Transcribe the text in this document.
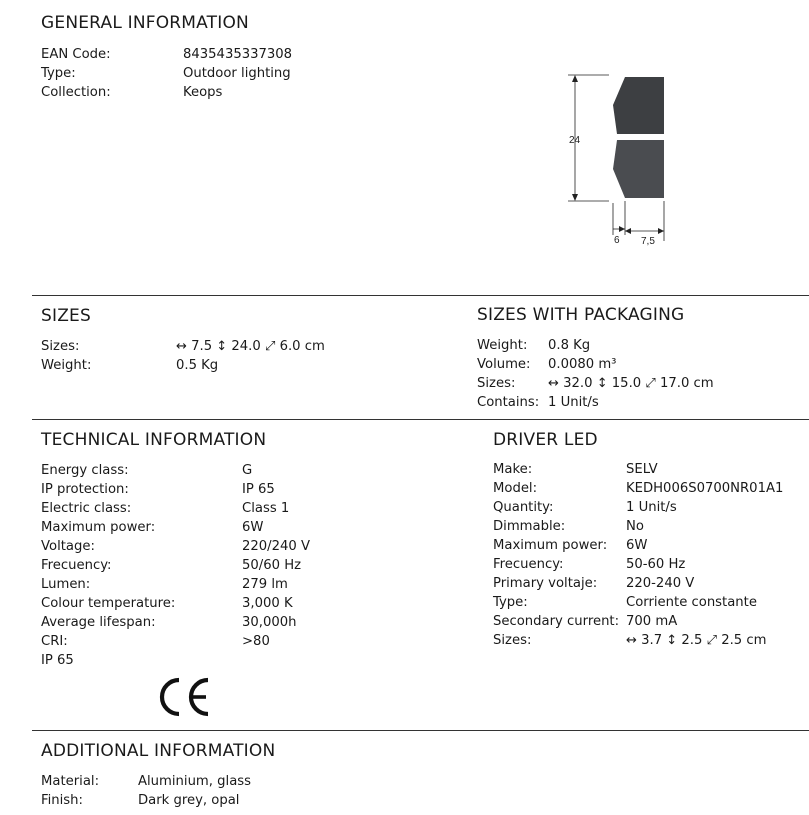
GENERAL INFORMATION
EAN Code:	8435435337308
Type:	Outdoor lighting
Collection:	Keops
24
6 7,5
SIZES
Sizes:	↔ 7.5 ↕ 24.0 ⤢ 6.0 cm
Weight:	0.5 Kg
SIZES WITH PACKAGING
Weight: 0.8 Kg
Volume: 0.0080 m³
Sizes:	↔ 32.0 ↕ 15.0 ⤢ 17.0 cm
Contains: 1 Unit/s
TECHNICAL INFORMATION
Energy class:	G
IP protection:	IP 65
Electric class:	Class 1
Maximum power:	6W
Voltage:	220/240 V
Frecuency:	50/60 Hz
Lumen:	279 lm
Colour temperature:	3,000 K
Average lifespan:	30,000h
CRI:	>80
IP 65
DRIVER LED
Make:	SELV
Model:	KEDH006S0700NR01A1
Quantity:	1 Unit/s
Dimmable:	No
Maximum power: 6W
Frecuency:	50-60 Hz
Primary voltaje: 220-240 V
Type:	Corriente constante
Secondary current: 700 mA
Sizes:	↔ 3.7 ↕ 2.5 ⤢ 2.5 cm
ADDITIONAL INFORMATION
Material:	Aluminium, glass
Finish:	Dark grey, opal
